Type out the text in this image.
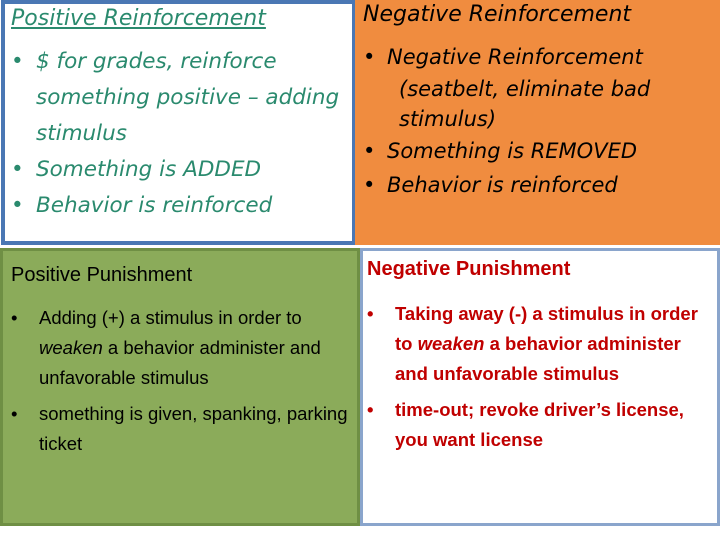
Positive Reinforcement
• $ for grades, reinforce something positive – adding stimulus
• Something is ADDED
• Behavior is reinforced
Negative Reinforcement
• Negative Reinforcement
(seatbelt, eliminate bad stimulus)
• Something is REMOVED
• Behavior is reinforced
Positive Punishment
• Adding (+) a stimulus in order to weaken a behavior administer and unfavorable stimulus
• something is given, spanking, parking ticket
Negative Punishment
• Taking away (-) a stimulus in order to weaken a behavior administer and unfavorable stimulus
• time-out; revoke driver’s license, you want license
